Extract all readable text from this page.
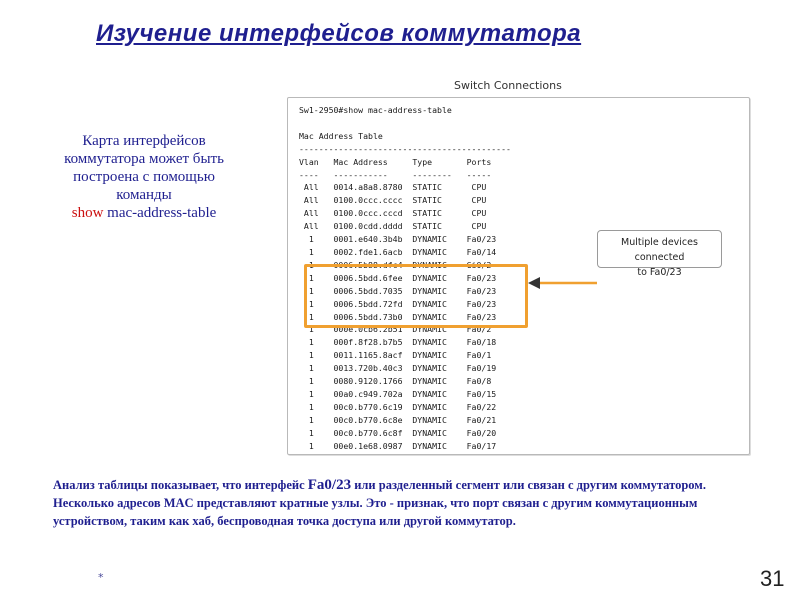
Изучение интерфейсов коммутатора
Карта интерфейсов
коммутатора может быть
построена с помощью
команды
show mac-address-table
Switch Connections
Sw1-2950#show mac-address-table

Mac Address Table
-------------------------------------------
Vlan   Mac Address     Type       Ports
----   -----------     --------   -----
All   0014.a8a8.8780  STATIC      CPU
All   0100.0ccc.cccc  STATIC      CPU
All   0100.0ccc.cccd  STATIC      CPU
All   0100.0cdd.dddd  STATIC      CPU
1    0001.e640.3b4b  DYNAMIC    Fa0/23
1    0002.fde1.6acb  DYNAMIC    Fa0/14
1    0006.5b88.dfc4  DYNAMIC    Gi0/2
1    0006.5bdd.6fee  DYNAMIC    Fa0/23
1    0006.5bdd.7035  DYNAMIC    Fa0/23
1    0006.5bdd.72fd  DYNAMIC    Fa0/23
1    0006.5bdd.73b0  DYNAMIC    Fa0/23
1    000e.0cb6.2b51  DYNAMIC    Fa0/2
1    000f.8f28.b7b5  DYNAMIC    Fa0/18
1    0011.1165.8acf  DYNAMIC    Fa0/1
1    0013.720b.40c3  DYNAMIC    Fa0/19
1    0080.9120.1766  DYNAMIC    Fa0/8
1    00a0.c949.702a  DYNAMIC    Fa0/15
1    00c0.b770.6c19  DYNAMIC    Fa0/22
1    00c0.b770.6c8e  DYNAMIC    Fa0/21
1    00c0.b770.6c8f  DYNAMIC    Fa0/20
1    00e0.1e68.0987  DYNAMIC    Fa0/17
Multiple devices connected
to Fa0/23
Анализ таблицы показывает, что интерфейс Fa0/23 или разделенный сегмент или связан с другим коммутатором. Несколько адресов MAC представляют кратные узлы. Это - признак, что порт связан с другим коммутационным устройством, таким как хаб, беспроводная точка доступа или другой коммутатор.
*	31
